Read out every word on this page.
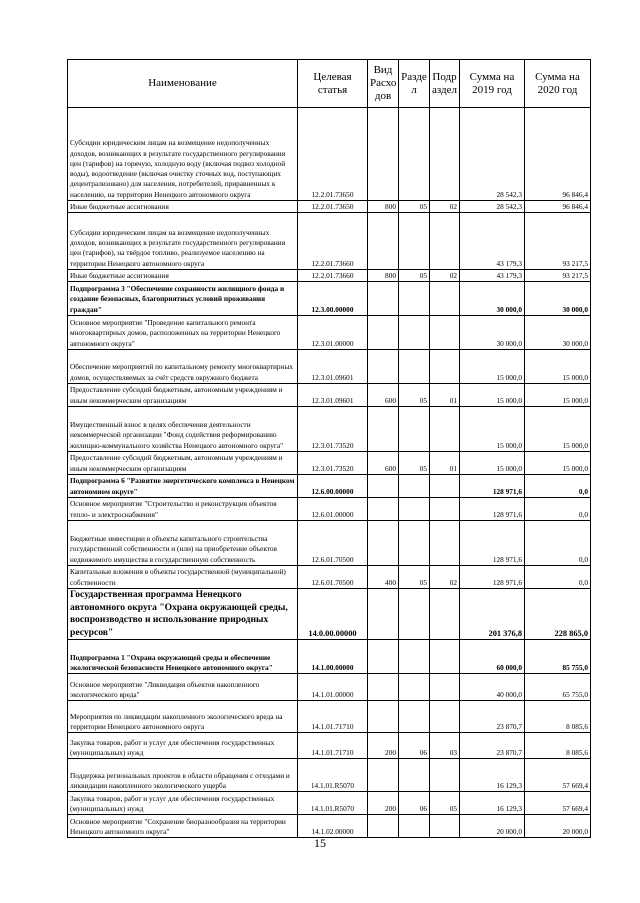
Наименование	Целевая статья	Вид Расхо дов	Разде л	Подр аздел	Сумма на 2019 год	Сумма на 2020 год
Субсидии юридическим лицам на возмещение недополученных доходов, возникающих в результате государственного регулирования цен (тарифов) на горячую, холодную воду (включая подвоз холодной воды), водоотведение (включая очистку сточных вод, поступающих децентрализовано) для населения, потребителей, приравненных к населению, на территории Ненецкого автономного округа	12.2.01.73650				28 542,3	96 846,4
Иные бюджетные ассигнования	12.2.01.73650	800	05	02	28 542,3	96 846,4
Субсидии юридическим лицам на возмещение недополученных доходов, возникающих в результате государственного регулирования цен (тарифов), на твёрдое топливо, реализуемое населению на территории Ненецкого автономного округа	12.2.01.73660				43 179,3	93 217,5
Иные бюджетные ассигнования	12.2.01.73660	800	05	02	43 179,3	93 217,5
Подпрограмма 3 "Обеспечение сохранности жилищного фонда и создание безопасных, благоприятных условий проживания граждан"	12.3.00.00000				30 000,0	30 000,0
Основное мероприятие "Проведение капитального ремонта многоквартирных домов, расположенных на территории Ненецкого автономного округа"	12.3.01.00000				30 000,0	30 000,0
Обеспечение мероприятий по капитальному ремонту многоквартирных домов, осуществляемых за счёт средств окружного бюджета	12.3.01.09601				15 000,0	15 000,0
Предоставление субсидий бюджетным, автономным учреждениям и иным некоммерческим организациям	12.3.01.09601	600	05	01	15 000,0	15 000,0
Имущественный взнос в целях обеспечения деятельности некоммерческой организации "Фонд содействия реформированию жилищно-коммунального хозяйства Ненецкого автономного округа"	12.3.01.73520				15 000,0	15 000,0
Предоставление субсидий бюджетным, автономным учреждениям и иным некоммерческим организациям	12.3.01.73520	600	05	01	15 000,0	15 000,0
Подпрограмма 6 "Развитие энергетического комплекса в Ненецком автономном округе"	12.6.00.00000				128 971,6	0,0
Основное мероприятие "Строительство и реконструкция объектов тепло- и электроснабжения"	12.6.01.00000				128 971,6	0,0
Бюджетные инвестиции в объекты капитального строительства государственной собственности и (или) на приобретение объектов недвижимого имущества в государственную собственность	12.6.01.70500				128 971,6	0,0
Капитальные вложения в объекты государственной (муниципальной) собственности	12.6.01.70500	400	05	02	128 971,6	0,0
Государственная программа Ненецкого автономного округа "Охрана окружающей среды, воспроизводство и использование природных ресурсов"	14.0.00.00000				201 376,8	228 865,0
Подпрограмма 1 "Охрана окружающей среды и обеспечение экологической безопасности Ненецкого автономного округа"	14.1.00.00000				60 000,0	85 755,0
Основное мероприятие "Ликвидация объектов накопленного экологического вреда"	14.1.01.00000				40 000,0	65 755,0
Мероприятия по ликвидации накопленного экологического вреда на территории Ненецкого автономного округа	14.1.01.71710				23 870,7	8 085,6
Закупка товаров, работ и услуг для обеспечения государственных (муниципальных) нужд	14.1.01.71710	200	06	03	23 870,7	8 085,6
Поддержка региональных проектов в области обращения с отходами и ликвидации накопленного экологического ущерба	14.1.01.R5070				16 129,3	57 669,4
Закупка товаров, работ и услуг для обеспечения государственных (муниципальных) нужд	14.1.01.R5070	200	06	05	16 129,3	57 669,4
Основное мероприятие "Сохранение биоразнообразия на территории Ненецкого автономного округа"	14.1.02.00000				20 000,0	20 000,0
15
